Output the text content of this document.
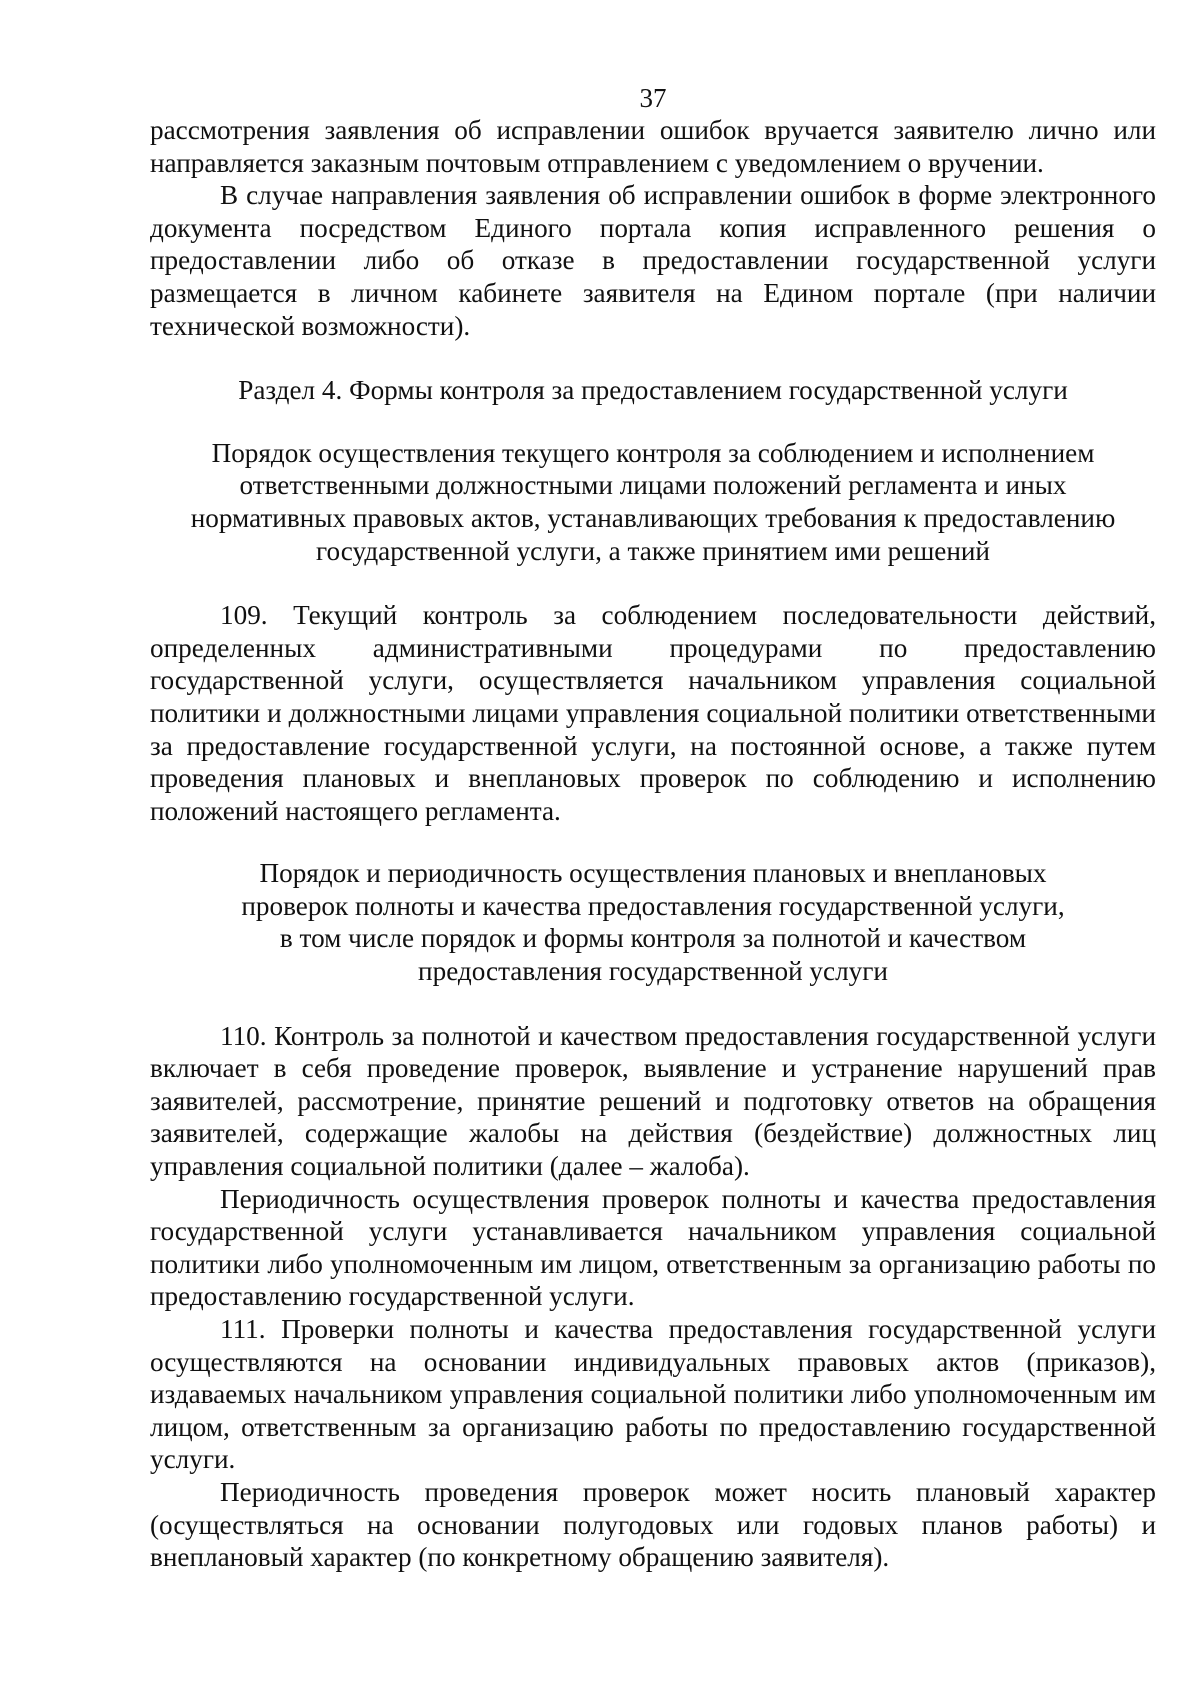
37

рассмотрения заявления об исправлении ошибок вручается заявителю лично или направляется заказным почтовым отправлением с уведомлением о вручении.

В случае направления заявления об исправлении ошибок в форме электронного документа посредством Единого портала копия исправленного решения о предоставлении либо об отказе в предоставлении государственной услуги размещается в личном кабинете заявителя на Едином портале (при наличии технической возможности).

Раздел 4. Формы контроля за предоставлением государственной услуги

Порядок осуществления текущего контроля за соблюдением и исполнением

ответственными должностными лицами положений регламента и иных

нормативных правовых актов, устанавливающих требования к предоставлению

государственной услуги, а также принятием ими решений

109. Текущий контроль за соблюдением последовательности действий, определенных административными процедурами по предоставлению государственной услуги, осуществляется начальником управления социальной политики и должностными лицами управления социальной политики ответственными за предоставление государственной услуги, на постоянной основе, а также путем проведения плановых и внеплановых проверок по соблюдению и исполнению положений настоящего регламента.

Порядок и периодичность осуществления плановых и внеплановых

проверок полноты и качества предоставления государственной услуги,

в том числе порядок и формы контроля за полнотой и качеством

предоставления государственной услуги

110. Контроль за полнотой и качеством предоставления государственной услуги включает в себя проведение проверок, выявление и устранение нарушений прав заявителей, рассмотрение, принятие решений и подготовку ответов на обращения заявителей, содержащие жалобы на действия (бездействие) должностных лиц управления социальной политики (далее – жалоба).

Периодичность осуществления проверок полноты и качества предоставления государственной услуги устанавливается начальником управления социальной политики либо уполномоченным им лицом, ответственным за организацию работы по предоставлению государственной услуги.

111. Проверки полноты и качества предоставления государственной услуги осуществляются на основании индивидуальных правовых актов (приказов), издаваемых начальником управления социальной политики либо уполномоченным им лицом, ответственным за организацию работы по предоставлению государственной услуги.

Периодичность проведения проверок может носить плановый характер (осуществляться на основании полугодовых или годовых планов работы) и внеплановый характер (по конкретному обращению заявителя).
